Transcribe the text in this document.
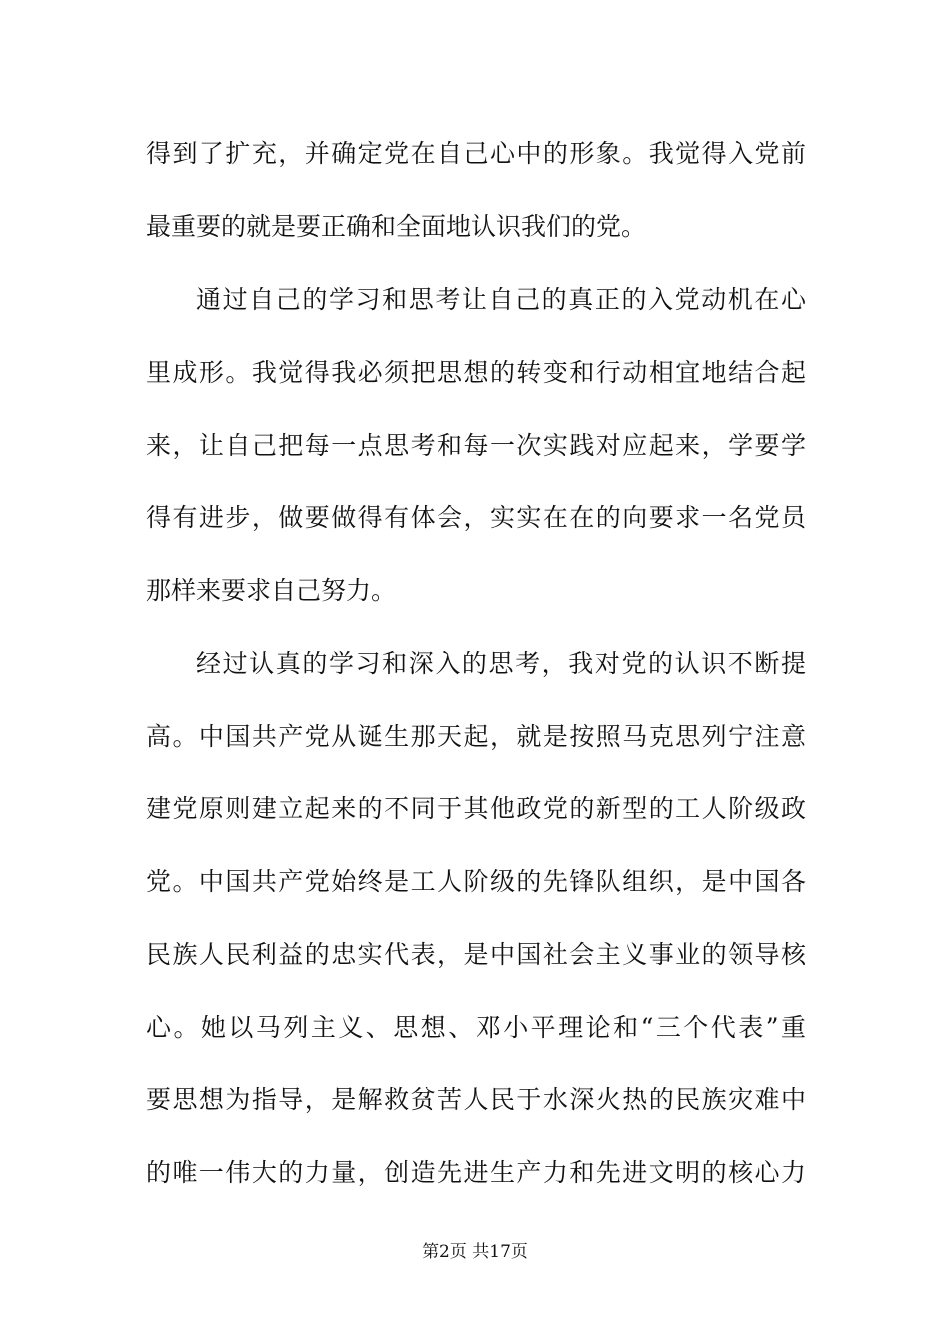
得到了扩充，并确定党在自己心中的形象。我觉得入党前
最重要的就是要正确和全面地认识我们的党。
通过自己的学习和思考让自己的真正的入党动机在心
里成形。我觉得我必须把思想的转变和行动相宜地结合起
来，让自己把每一点思考和每一次实践对应起来，学要学
得有进步，做要做得有体会，实实在在的向要求一名党员
那样来要求自己努力。
经过认真的学习和深入的思考，我对党的认识不断提
高。中国共产党从诞生那天起，就是按照马克思列宁注意
建党原则建立起来的不同于其他政党的新型的工人阶级政
党。中国共产党始终是工人阶级的先锋队组织，是中国各
民族人民利益的忠实代表，是中国社会主义事业的领导核
心。她以马列主义、思想、邓小平理论和“三个代表”重
要思想为指导，是解救贫苦人民于水深火热的民族灾难中
的唯一伟大的力量，创造先进生产力和先进文明的核心力
第2页 共17页
